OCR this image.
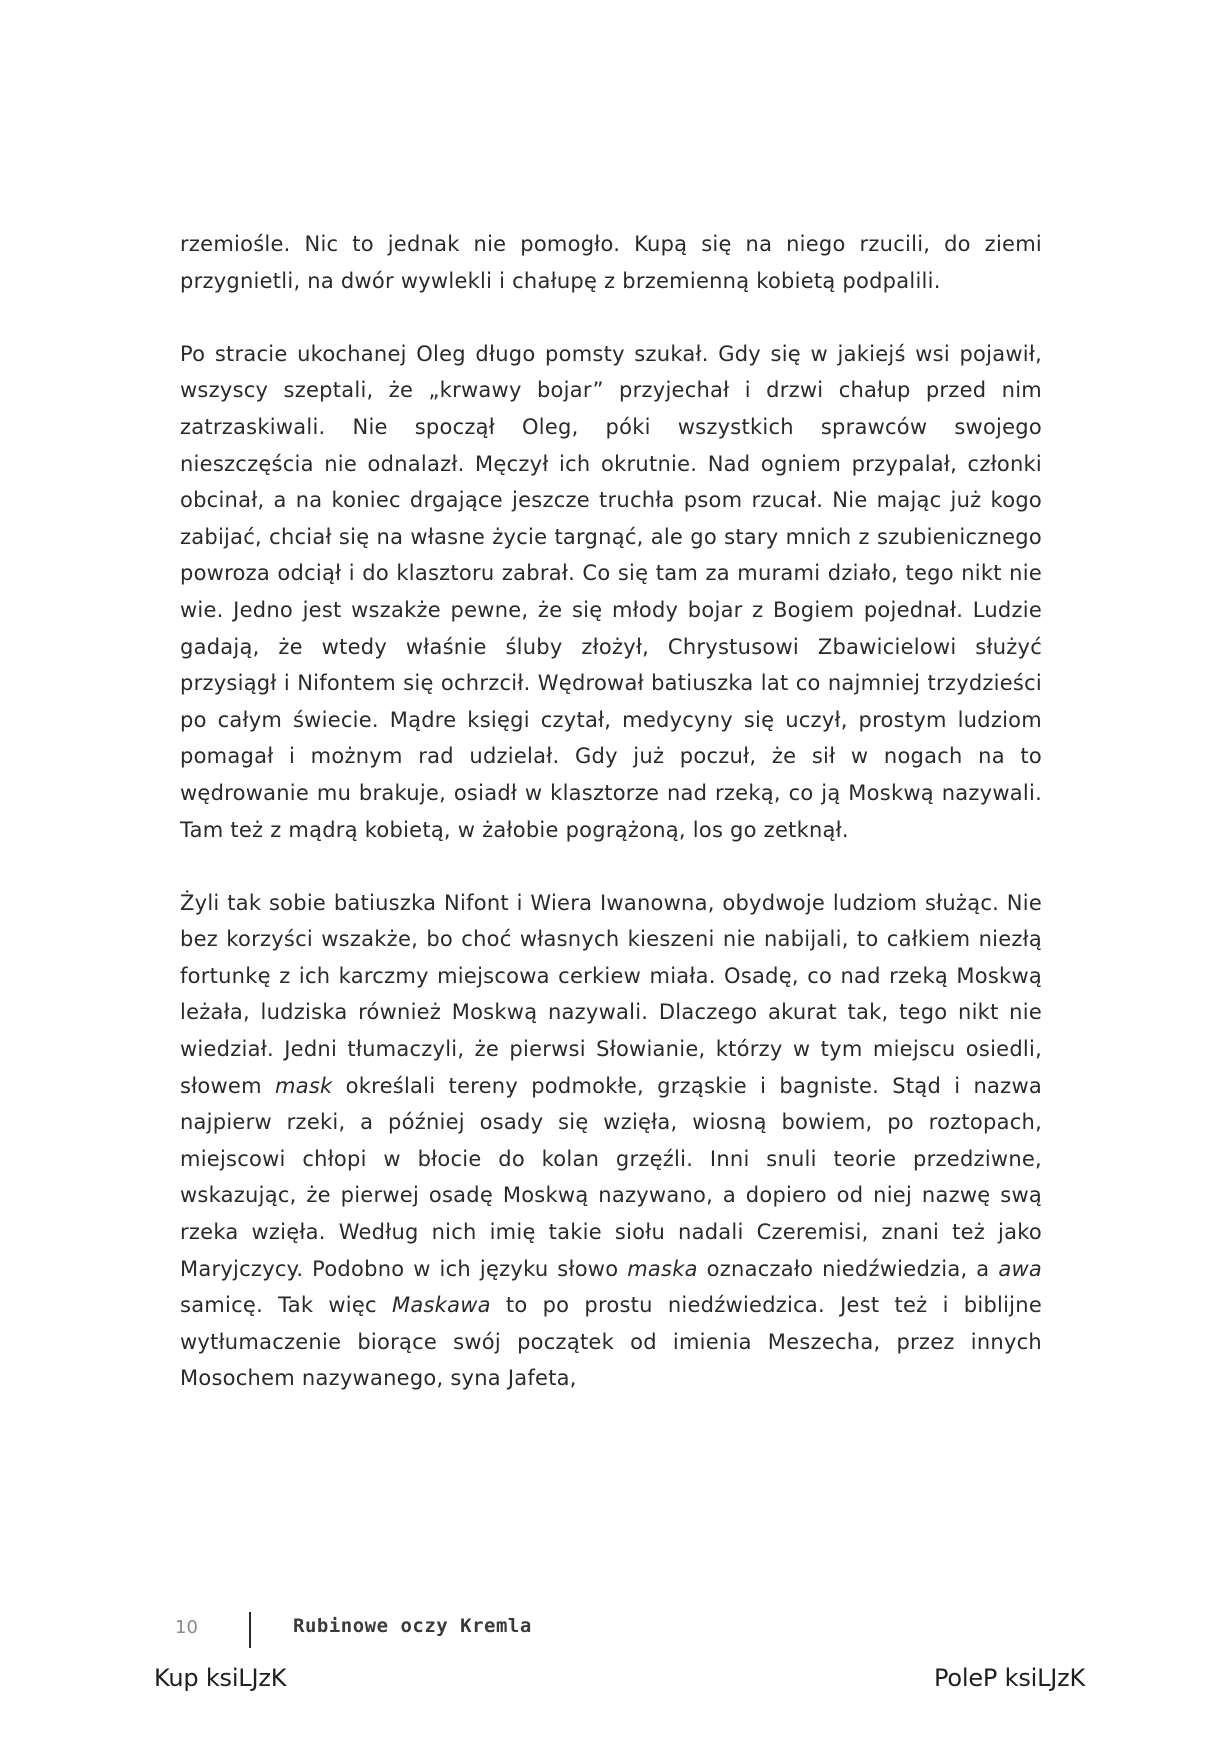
rzemiośle. Nic to jednak nie pomogło. Kupą się na niego rzucili, do ziemi przygnietli, na dwór wywlekli i chałupę z brzemienną kobietą podpalili.

Po stracie ukochanej Oleg długo pomsty szukał. Gdy się w jakiejś wsi pojawił, wszyscy szeptali, że „krwawy bojar” przyjechał i drzwi chałup przed nim zatrzaskiwali. Nie spoczął Oleg, póki wszystkich sprawców swojego nieszczęścia nie odnalazł. Męczył ich okrutnie. Nad ogniem przypalał, członki obcinał, a na koniec drgające jeszcze truchła psom rzucał. Nie mając już kogo zabijać, chciał się na własne życie targnąć, ale go stary mnich z szubienicznego powroza odciął i do klasztoru zabrał. Co się tam za murami działo, tego nikt nie wie. Jedno jest wszakże pewne, że się młody bojar z Bogiem pojednał. Ludzie gadają, że wtedy właśnie śluby złożył, Chrystusowi Zbawicielowi służyć przysiągł i Nifontem się ochrzcił. Wędrował batiuszka lat co najmniej trzydzieści po całym świecie. Mądre księgi czytał, medycyny się uczył, prostym ludziom pomagał i możnym rad udzielał. Gdy już poczuł, że sił w nogach na to wędrowanie mu brakuje, osiadł w klasztorze nad rzeką, co ją Moskwą nazywali. Tam też z mądrą kobietą, w żałobie pogrążoną, los go zetknął.

Żyli tak sobie batiuszka Nifont i Wiera Iwanowna, obydwoje ludziom służąc. Nie bez korzyści wszakże, bo choć własnych kieszeni nie nabijali, to całkiem niezłą fortunkę z ich karczmy miejscowa cerkiew miała. Osadę, co nad rzeką Moskwą leżała, ludziska również Moskwą nazywali. Dlaczego akurat tak, tego nikt nie wiedział. Jedni tłumaczyli, że pierwsi Słowianie, którzy w tym miejscu osiedli, słowem mask określali tereny podmokłe, grząskie i bagniste. Stąd i nazwa najpierw rzeki, a później osady się wzięła, wiosną bowiem, po roztopach, miejscowi chłopi w błocie do kolan grzęźli. Inni snuli teorie przedziwne, wskazując, że pierwej osadę Moskwą nazywano, a dopiero od niej nazwę swą rzeka wzięła. Według nich imię takie siołu nadali Czeremisi, znani też jako Maryjczycy. Podobno w ich języku słowo maska oznaczało niedźwiedzia, a awa samicę. Tak więc Maskawa to po prostu niedźwiedzica. Jest też i biblijne wytłumaczenie biorące swój początek od imienia Meszecha, przez innych Mosochem nazywanego, syna Jafeta,

10	Rubinowe oczy Kremla
Kup ksiLJzK	PoleP ksiLJzK
